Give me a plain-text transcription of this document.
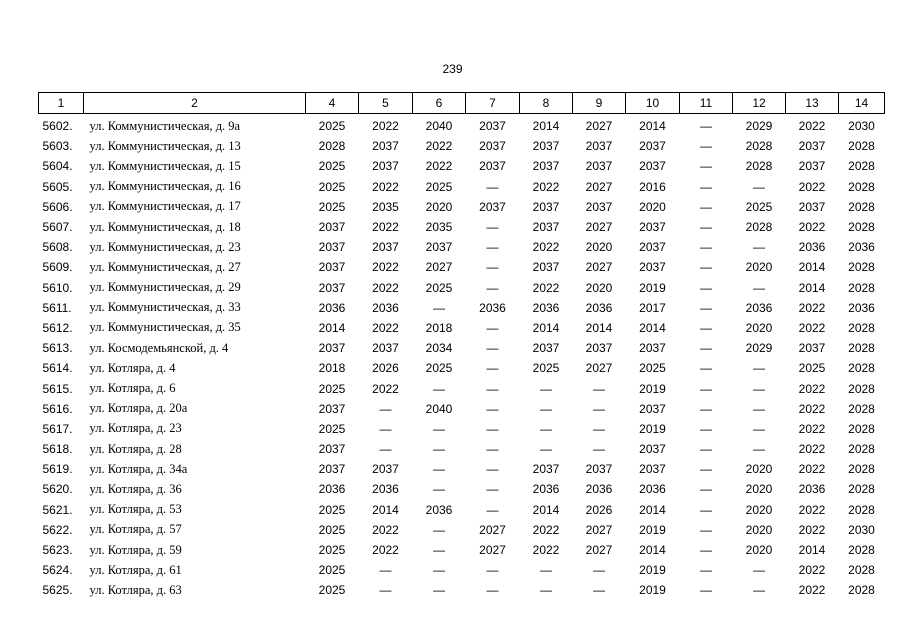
239
1	2	4	5	6	7	8	9	10	11	12	13	14
5602.	ул. Коммунистическая, д. 9а	2025	2022	2040	2037	2014	2027	2014	—	2029	2022	2030
5603.	ул. Коммунистическая, д. 13	2028	2037	2022	2037	2037	2037	2037	—	2028	2037	2028
5604.	ул. Коммунистическая, д. 15	2025	2037	2022	2037	2037	2037	2037	—	2028	2037	2028
5605.	ул. Коммунистическая, д. 16	2025	2022	2025	—	2022	2027	2016	—	—	2022	2028
5606.	ул. Коммунистическая, д. 17	2025	2035	2020	2037	2037	2037	2020	—	2025	2037	2028
5607.	ул. Коммунистическая, д. 18	2037	2022	2035	—	2037	2027	2037	—	2028	2022	2028
5608.	ул. Коммунистическая, д. 23	2037	2037	2037	—	2022	2020	2037	—	—	2036	2036
5609.	ул. Коммунистическая, д. 27	2037	2022	2027	—	2037	2027	2037	—	2020	2014	2028
5610.	ул. Коммунистическая, д. 29	2037	2022	2025	—	2022	2020	2019	—	—	2014	2028
5611.	ул. Коммунистическая, д. 33	2036	2036	—	2036	2036	2036	2017	—	2036	2022	2036
5612.	ул. Коммунистическая, д. 35	2014	2022	2018	—	2014	2014	2014	—	2020	2022	2028
5613.	ул. Космодемьянской, д. 4	2037	2037	2034	—	2037	2037	2037	—	2029	2037	2028
5614.	ул. Котляра, д. 4	2018	2026	2025	—	2025	2027	2025	—	—	2025	2028
5615.	ул. Котляра, д. 6	2025	2022	—	—	—	—	2019	—	—	2022	2028
5616.	ул. Котляра, д. 20а	2037	—	2040	—	—	—	2037	—	—	2022	2028
5617.	ул. Котляра, д. 23	2025	—	—	—	—	—	2019	—	—	2022	2028
5618.	ул. Котляра, д. 28	2037	—	—	—	—	—	2037	—	—	2022	2028
5619.	ул. Котляра, д. 34а	2037	2037	—	—	2037	2037	2037	—	2020	2022	2028
5620.	ул. Котляра, д. 36	2036	2036	—	—	2036	2036	2036	—	2020	2036	2028
5621.	ул. Котляра, д. 53	2025	2014	2036	—	2014	2026	2014	—	2020	2022	2028
5622.	ул. Котляра, д. 57	2025	2022	—	2027	2022	2027	2019	—	2020	2022	2030
5623.	ул. Котляра, д. 59	2025	2022	—	2027	2022	2027	2014	—	2020	2014	2028
5624.	ул. Котляра, д. 61	2025	—	—	—	—	—	2019	—	—	2022	2028
5625.	ул. Котляра, д. 63	2025	—	—	—	—	—	2019	—	—	2022	2028
